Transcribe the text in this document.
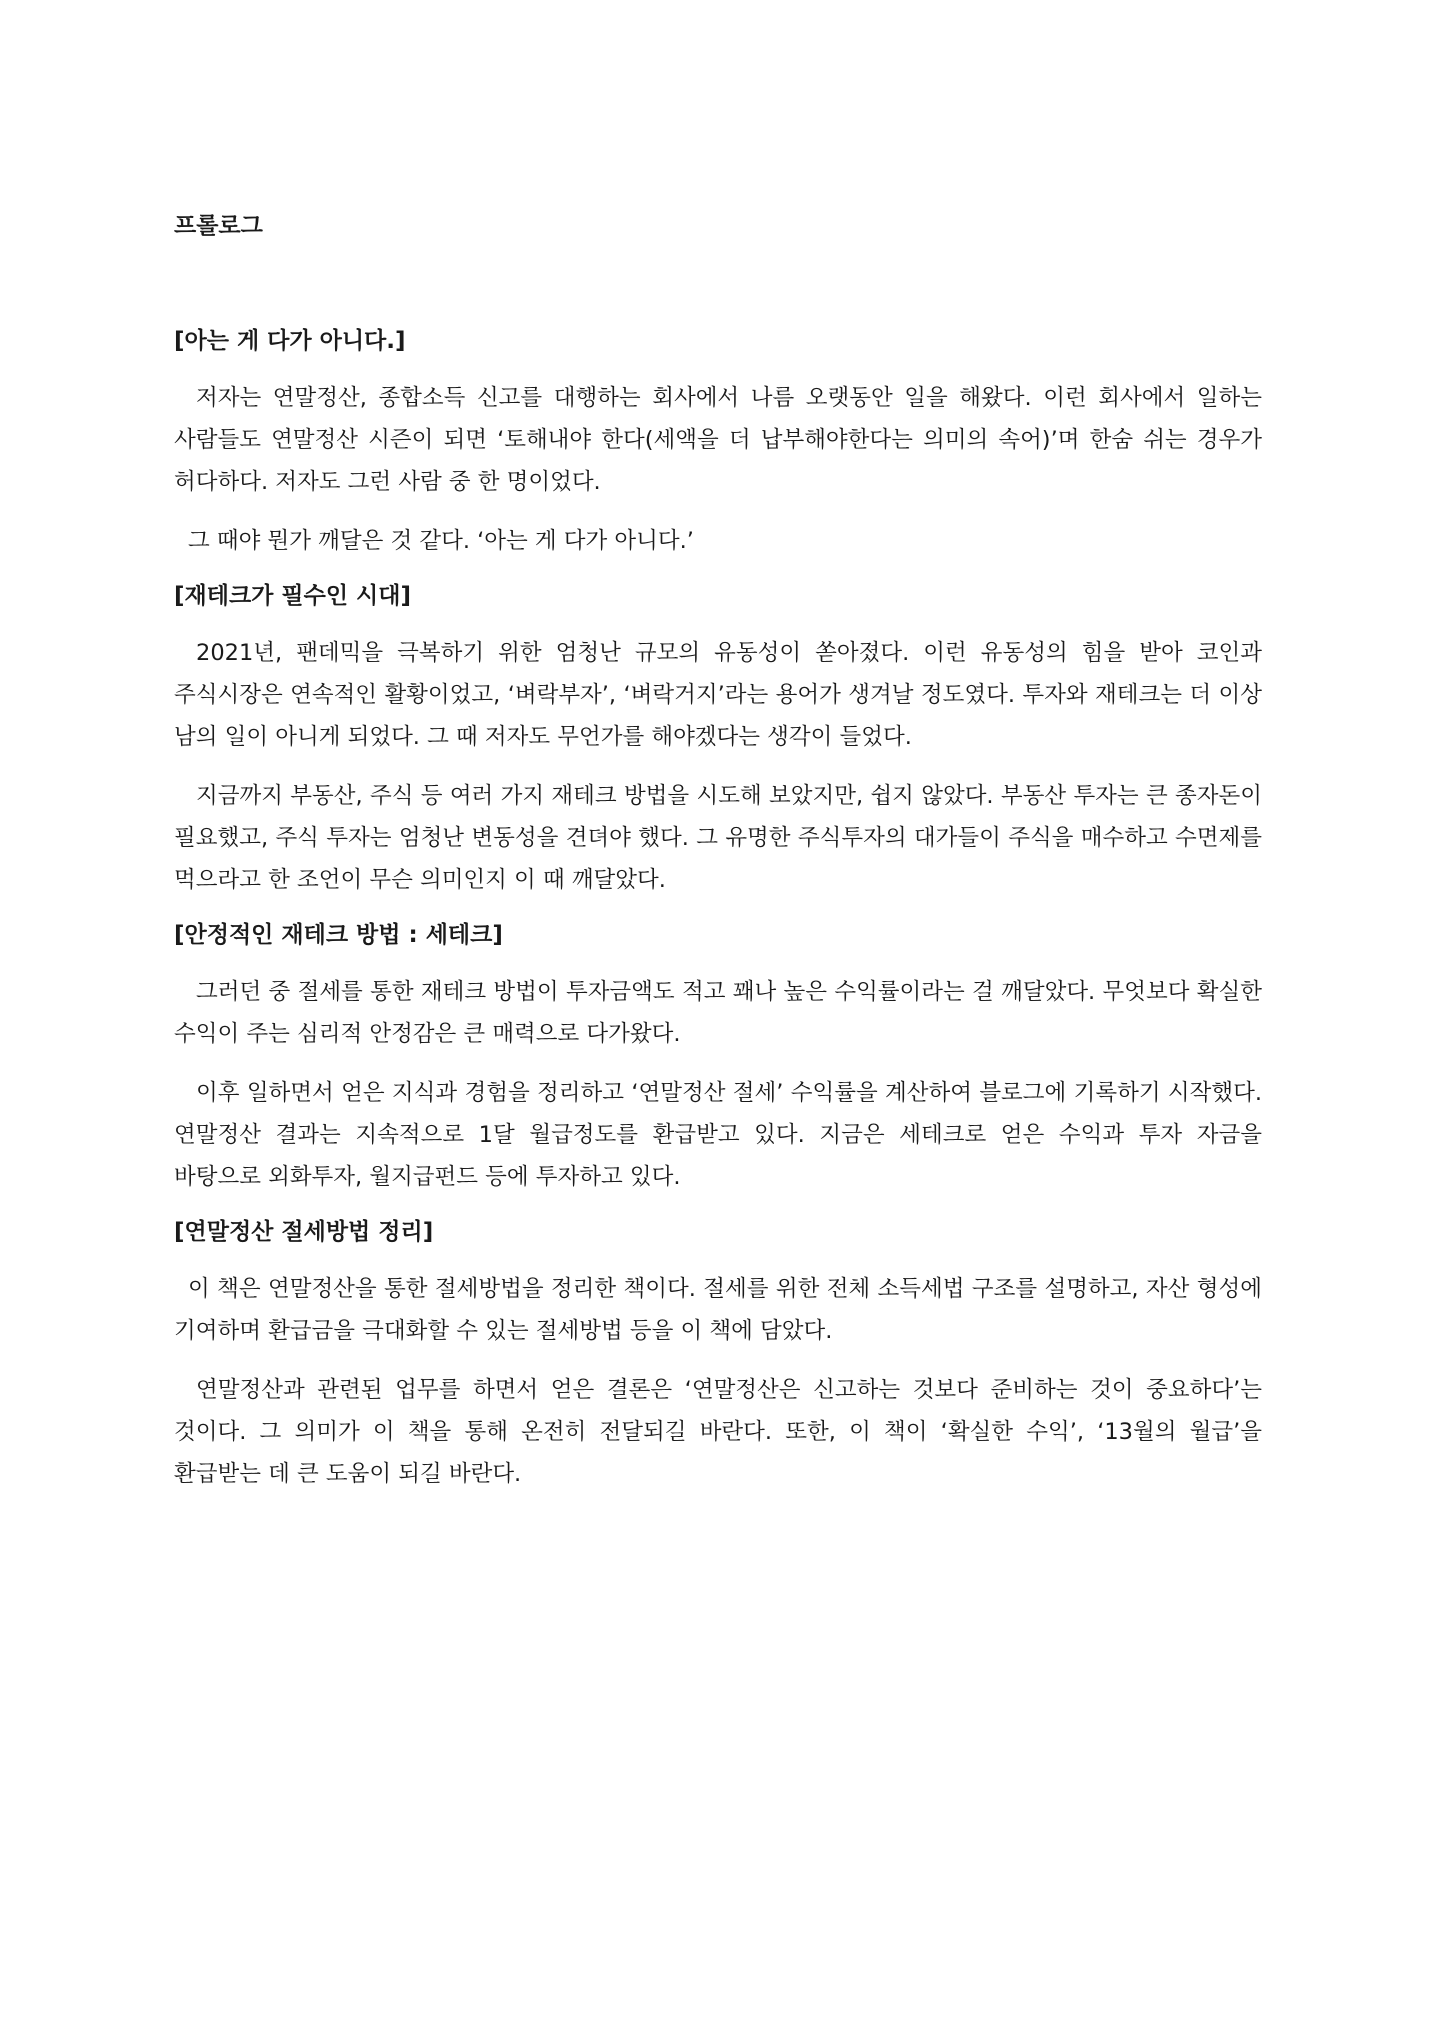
프롤로그
[아는 게 다가 아니다.]

저자는 연말정산, 종합소득 신고를 대행하는 회사에서 나름 오랫동안 일을 해왔다. 이런 회사에서 일하는 사람들도 연말정산 시즌이 되면 ‘토해내야 한다(세액을 더 납부해야한다는 의미의 속어)’며 한숨 쉬는 경우가 허다하다. 저자도 그런 사람 중 한 명이었다.

그 때야 뭔가 깨달은 것 같다. ‘아는 게 다가 아니다.’

[재테크가 필수인 시대]

2021년, 팬데믹을 극복하기 위한 엄청난 규모의 유동성이 쏟아졌다. 이런 유동성의 힘을 받아 코인과 주식시장은 연속적인 활황이었고, ‘벼락부자’, ‘벼락거지’라는 용어가 생겨날 정도였다. 투자와 재테크는 더 이상 남의 일이 아니게 되었다. 그 때 저자도 무언가를 해야겠다는 생각이 들었다.

지금까지 부동산, 주식 등 여러 가지 재테크 방법을 시도해 보았지만, 쉽지 않았다. 부동산 투자는 큰 종자돈이 필요했고, 주식 투자는 엄청난 변동성을 견뎌야 했다. 그 유명한 주식투자의 대가들이 주식을 매수하고 수면제를 먹으라고 한 조언이 무슨 의미인지 이 때 깨달았다.

[안정적인 재테크 방법 : 세테크]

그러던 중 절세를 통한 재테크 방법이 투자금액도 적고 꽤나 높은 수익률이라는 걸 깨달았다. 무엇보다 확실한 수익이 주는 심리적 안정감은 큰 매력으로 다가왔다.

이후 일하면서 얻은 지식과 경험을 정리하고 ‘연말정산 절세’ 수익률을 계산하여 블로그에 기록하기 시작했다. 연말정산 결과는 지속적으로 1달 월급정도를 환급받고 있다. 지금은 세테크로 얻은 수익과 투자 자금을 바탕으로 외화투자, 월지급펀드 등에 투자하고 있다.

[연말정산 절세방법 정리]

이 책은 연말정산을 통한 절세방법을 정리한 책이다. 절세를 위한 전체 소득세법 구조를 설명하고, 자산 형성에 기여하며 환급금을 극대화할 수 있는 절세방법 등을 이 책에 담았다.

연말정산과 관련된 업무를 하면서 얻은 결론은 ‘연말정산은 신고하는 것보다 준비하는 것이 중요하다’는 것이다. 그 의미가 이 책을 통해 온전히 전달되길 바란다. 또한, 이 책이 ‘확실한 수익’, ‘13월의 월급’을 환급받는 데 큰 도움이 되길 바란다.
